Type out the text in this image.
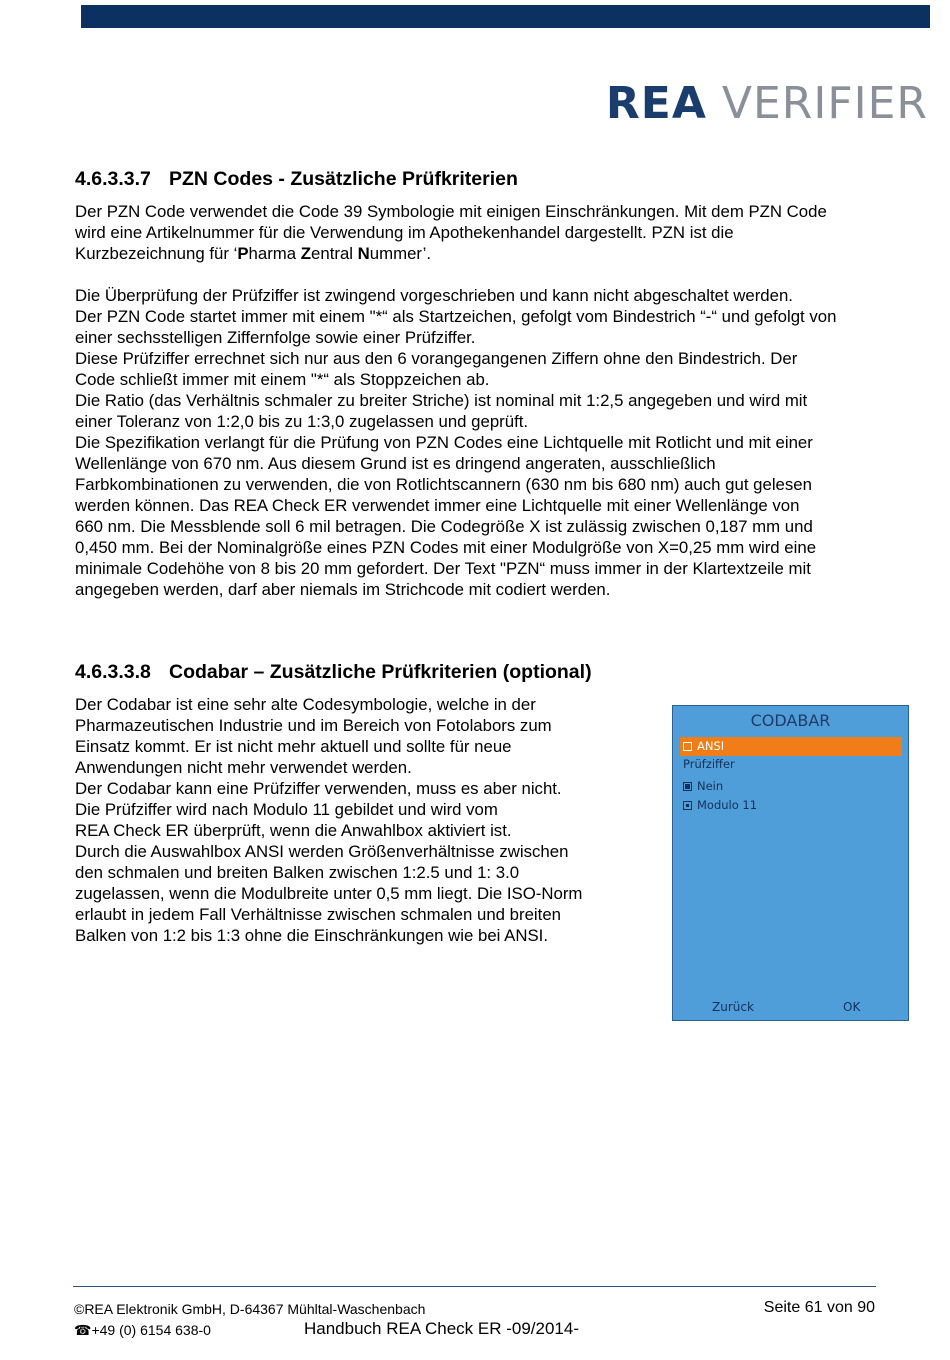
REA VERIFIER
4.6.3.3.7 PZN Codes - Zusätzliche Prüfkriterien
Der PZN Code verwendet die Code 39 Symbologie mit einigen Einschränkungen. Mit dem PZN Code
wird eine Artikelnummer für die Verwendung im Apothekenhandel dargestellt. PZN ist die
Kurzbezeichnung für ‘Pharma Zentral Nummer’.
Die Überprüfung der Prüfziffer ist zwingend vorgeschrieben und kann nicht abgeschaltet werden.
Der PZN Code startet immer mit einem "*“ als Startzeichen, gefolgt vom Bindestrich “-“ und gefolgt von
einer sechsstelligen Ziffernfolge sowie einer Prüfziffer.
Diese Prüfziffer errechnet sich nur aus den 6 vorangegangenen Ziffern ohne den Bindestrich. Der
Code schließt immer mit einem "*“ als Stoppzeichen ab.
Die Ratio (das Verhältnis schmaler zu breiter Striche) ist nominal mit 1:2,5 angegeben und wird mit
einer Toleranz von 1:2,0 bis zu 1:3,0 zugelassen und geprüft.
Die Spezifikation verlangt für die Prüfung von PZN Codes eine Lichtquelle mit Rotlicht und mit einer
Wellenlänge von 670 nm. Aus diesem Grund ist es dringend angeraten, ausschließlich
Farbkombinationen zu verwenden, die von Rotlichtscannern (630 nm bis 680 nm) auch gut gelesen
werden können. Das REA Check ER verwendet immer eine Lichtquelle mit einer Wellenlänge von
660 nm. Die Messblende soll 6 mil betragen. Die Codegröße X ist zulässig zwischen 0,187 mm und
0,450 mm. Bei der Nominalgröße eines PZN Codes mit einer Modulgröße von X=0,25 mm wird eine
minimale Codehöhe von 8 bis 20 mm gefordert. Der Text "PZN“ muss immer in der Klartextzeile mit
angegeben werden, darf aber niemals im Strichcode mit codiert werden.
4.6.3.3.8 Codabar – Zusätzliche Prüfkriterien (optional)
Der Codabar ist eine sehr alte Codesymbologie, welche in der
Pharmazeutischen Industrie und im Bereich von Fotolabors zum
Einsatz kommt. Er ist nicht mehr aktuell und sollte für neue
Anwendungen nicht mehr verwendet werden.
Der Codabar kann eine Prüfziffer verwenden, muss es aber nicht.
Die Prüfziffer wird nach Modulo 11 gebildet und wird vom
REA Check ER überprüft, wenn die Anwahlbox aktiviert ist.
Durch die Auswahlbox ANSI werden Größenverhältnisse zwischen
den schmalen und breiten Balken zwischen 1:2.5 und 1: 3.0
zugelassen, wenn die Modulbreite unter 0,5 mm liegt. Die ISO-Norm
erlaubt in jedem Fall Verhältnisse zwischen schmalen und breiten
Balken von 1:2 bis 1:3 ohne die Einschränkungen wie bei ANSI.
CODABAR
ANSI
Prüfziffer
Nein
Modulo 11
Zurück	OK
©REA Elektronik GmbH, D-64367 Mühltal-Waschenbach	Seite 61 von 90
☎+49 (0) 6154 638-0	Handbuch REA Check ER -09/2014-
